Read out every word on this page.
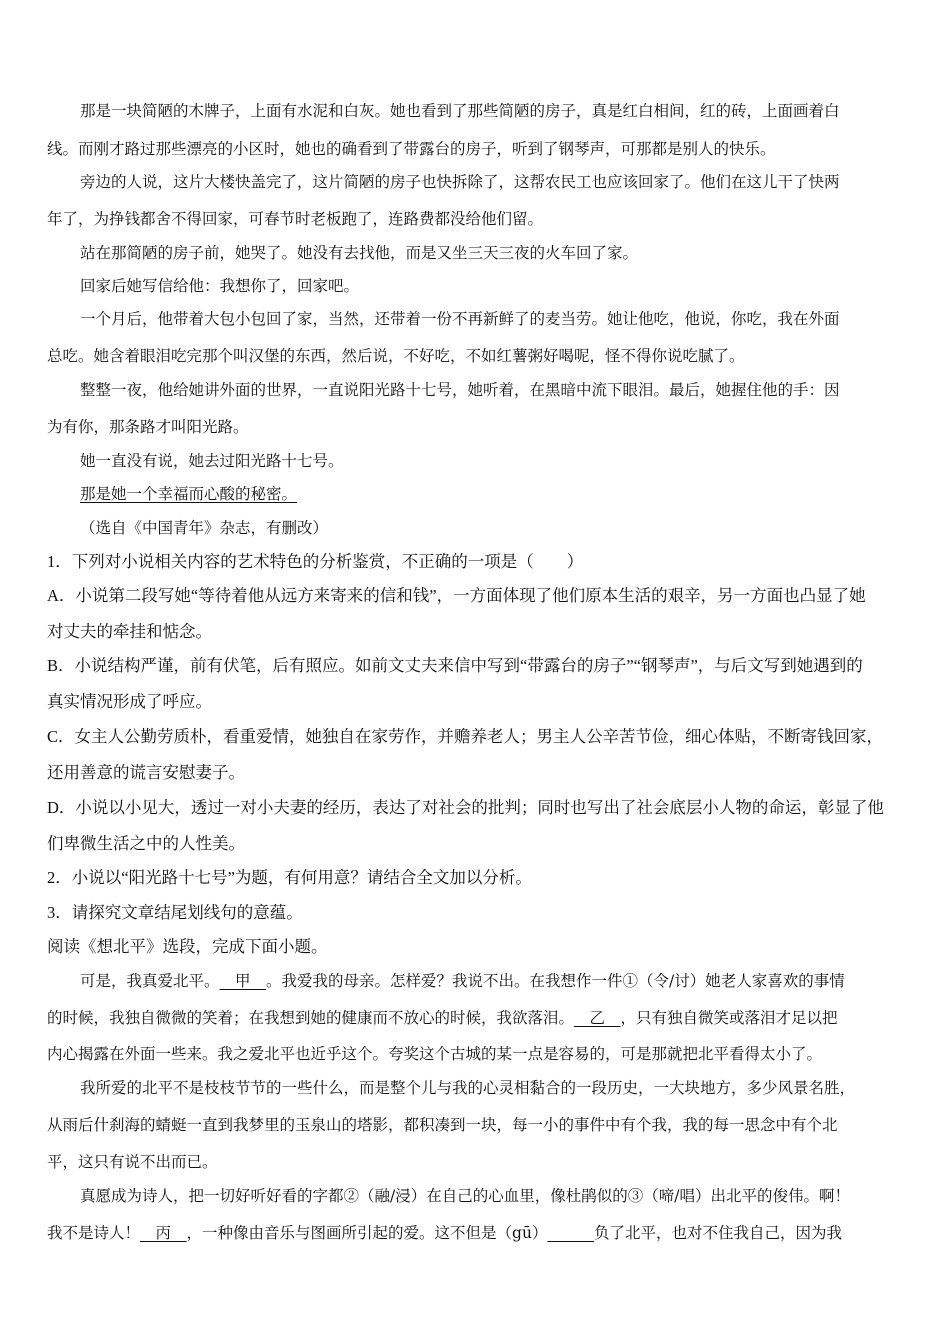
那是一块简陋的木牌子，上面有水泥和白灰。她也看到了那些简陋的房子，真是红白相间，红的砖，上面画着白
线。而刚才路过那些漂亮的小区时，她也的确看到了带露台的房子，听到了钢琴声，可那都是别人的快乐。
旁边的人说，这片大楼快盖完了，这片简陋的房子也快拆除了，这帮农民工也应该回家了。他们在这儿干了快两
年了，为挣钱都舍不得回家，可春节时老板跑了，连路费都没给他们留。
站在那简陋的房子前，她哭了。她没有去找他，而是又坐三天三夜的火车回了家。
回家后她写信给他：我想你了，回家吧。
一个月后，他带着大包小包回了家，当然，还带着一份不再新鲜了的麦当劳。她让他吃，他说，你吃，我在外面
总吃。她含着眼泪吃完那个叫汉堡的东西，然后说，不好吃，不如红薯粥好喝呢，怪不得你说吃腻了。
整整一夜，他给她讲外面的世界，一直说阳光路十七号，她听着，在黑暗中流下眼泪。最后，她握住他的手：因
为有你，那条路才叫阳光路。
她一直没有说，她去过阳光路十七号。
那是她一个幸福而心酸的秘密。
（选自《中国青年》杂志，有删改）
1．下列对小说相关内容的艺术特色的分析鉴赏，不正确的一项是（　　）
A．小说第二段写她“等待着他从远方来寄来的信和钱”，一方面体现了他们原本生活的艰辛，另一方面也凸显了她
对丈夫的牵挂和惦念。
B．小说结构严谨，前有伏笔，后有照应。如前文丈夫来信中写到“带露台的房子”“钢琴声”，与后文写到她遇到的
真实情况形成了呼应。
C．女主人公勤劳质朴，看重爱情，她独自在家劳作，并赡养老人；男主人公辛苦节俭，细心体贴，不断寄钱回家，
还用善意的谎言安慰妻子。
D．小说以小见大，透过一对小夫妻的经历，表达了对社会的批判；同时也写出了社会底层小人物的命运，彰显了他
们卑微生活之中的人性美。
2．小说以“阳光路十七号”为题，有何用意？请结合全文加以分析。
3．请探究文章结尾划线句的意蕴。
阅读《想北平》选段，完成下面小题。
可是，我真爱北平。　甲　。我爱我的母亲。怎样爱？我说不出。在我想作一件①（令/讨）她老人家喜欢的事情
的时候，我独自微微的笑着；在我想到她的健康而不放心的时候，我欲落泪。　乙　，只有独自微笑或落泪才足以把
内心揭露在外面一些来。我之爱北平也近乎这个。夸奖这个古城的某一点是容易的，可是那就把北平看得太小了。
我所爱的北平不是枝枝节节的一些什么，而是整个儿与我的心灵相黏合的一段历史，一大块地方，多少风景名胜，
从雨后什刹海的蜻蜓一直到我梦里的玉泉山的塔影，都积凑到一块，每一小的事件中有个我，我的每一思念中有个北
平，这只有说不出而已。
真愿成为诗人，把一切好听好看的字都②（融/浸）在自己的心血里，像杜鹃似的③（啼/唱）出北平的俊伟。啊！
我不是诗人！　丙　，一种像由音乐与图画所引起的爱。这不但是（gū）　　　	负了北平，也对不住我自己，因为我
